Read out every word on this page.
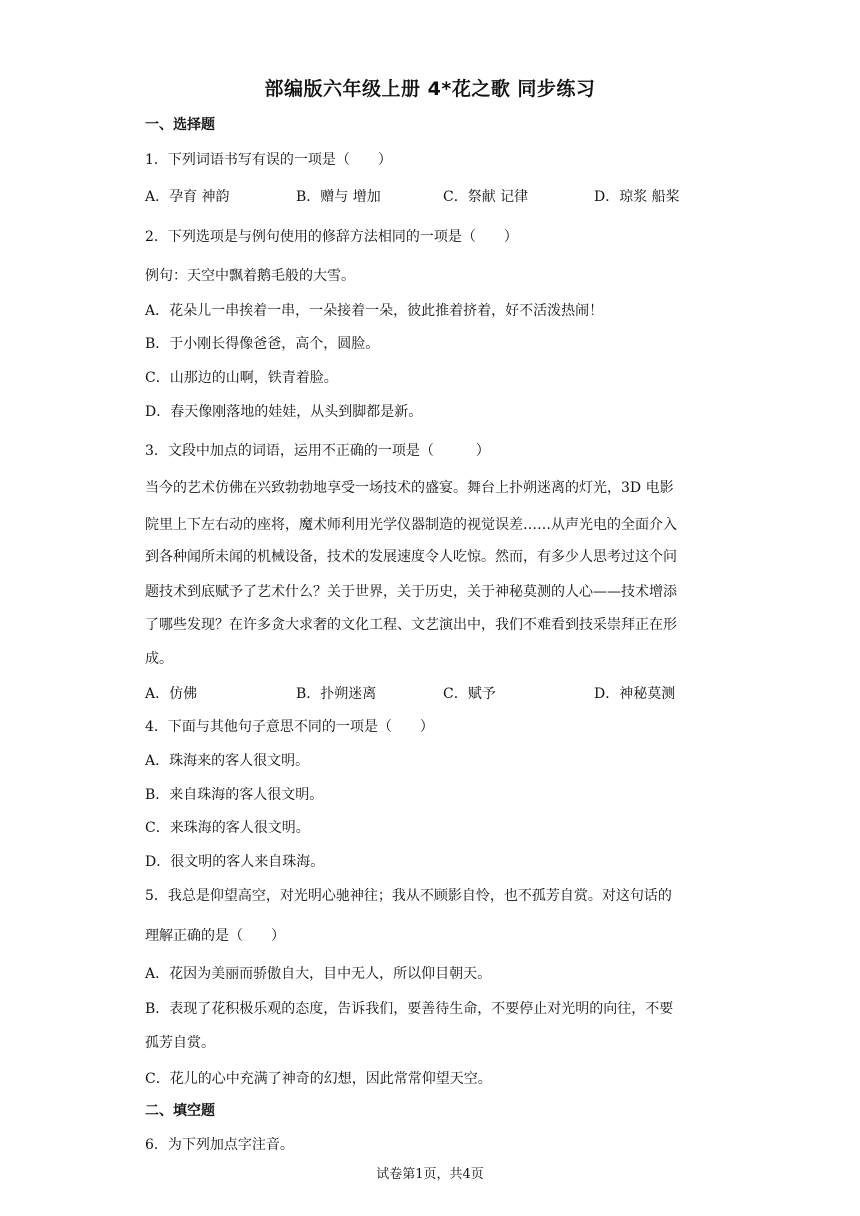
部编版六年级上册 4*花之歌 同步练习
一、选择题
1．下列词语书写有误的一项是（　　）
A．孕育 神韵	B．赠与 增加	C．祭献 记律	D．琼浆 船桨
2．下列选项是与例句使用的修辞方法相同的一项是（　　）
例句：天空中飘着鹅毛般的大雪。
A．花朵儿一串挨着一串，一朵接着一朵，彼此推着挤着，好不活泼热闹！
B．于小刚长得像爸爸，高个，圆脸。
C．山那边的山啊，铁青着脸。
D．春天像刚落地的娃娃，从头到脚都是新。
3．文段中加点的词语，运用不正确的一项是（　　　）
当今的艺术仿佛在兴致勃勃地享受一场技术的盛宴。舞台上扑朔迷离的灯光，3D 电影
院里上下左右动的座将，魔术师利用光学仪器制造的视觉误差……从声光电的全面介入
到各种闻所未闻的机械设备，技术的发展速度令人吃惊。然而，有多少人思考过这个问
题技术到底赋予了艺术什么？关于世界，关于历史，关于神秘莫测的人心——技术增添
了哪些发现？在许多贪大求奢的文化工程、文艺演出中，我们不难看到技采崇拜正在形
成。
A．仿佛	B．扑朔迷离	C．赋予	D．神秘莫测
4．下面与其他句子意思不同的一项是（　　）
A．珠海来的客人很文明。
B．来自珠海的客人很文明。
C．来珠海的客人很文明。
D．很文明的客人来自珠海。
5．我总是仰望高空，对光明心驰神往；我从不顾影自怜，也不孤芳自赏。对这句话的
理解正确的是（　　）
A．花因为美丽而骄傲自大，目中无人，所以仰目朝天。
B．表现了花积极乐观的态度，告诉我们，要善待生命，不要停止对光明的向往，不要
孤芳自赏。
C．花儿的心中充满了神奇的幻想，因此常常仰望天空。
二、填空题
6．为下列加点字注音。
试卷第1页，共4页
